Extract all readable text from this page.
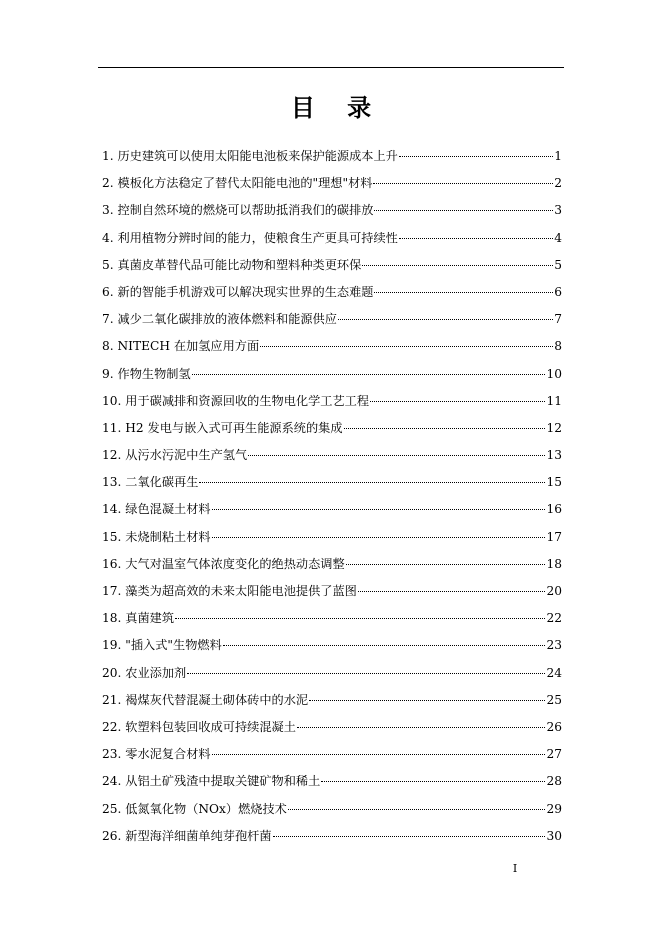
目 录
1. 历史建筑可以使用太阳能电池板来保护能源成本上升	1
2. 模板化方法稳定了替代太阳能电池的"理想"材料	2
3. 控制自然环境的燃烧可以帮助抵消我们的碳排放	3
4. 利用植物分辨时间的能力，使粮食生产更具可持续性	4
5. 真菌皮革替代品可能比动物和塑料种类更环保	5
6. 新的智能手机游戏可以解决现实世界的生态难题	6
7. 减少二氧化碳排放的液体燃料和能源供应	7
8. NITECH 在加氢应用方面	8
9. 作物生物制氢	10
10. 用于碳减排和资源回收的生物电化学工艺工程	11
11. H2 发电与嵌入式可再生能源系统的集成	12
12. 从污水污泥中生产氢气	13
13. 二氧化碳再生	15
14. 绿色混凝土材料	16
15. 未烧制粘土材料	17
16. 大气对温室气体浓度变化的绝热动态调整	18
17. 藻类为超高效的未来太阳能电池提供了蓝图	20
18. 真菌建筑	22
19. "插入式"生物燃料	23
20. 农业添加剂	24
21. 褐煤灰代替混凝土砌体砖中的水泥	25
22. 软塑料包装回收成可持续混凝土	26
23. 零水泥复合材料	27
24. 从铝土矿残渣中提取关键矿物和稀土	28
25. 低氮氧化物（NOx）燃烧技术	29
26. 新型海洋细菌单纯芽孢杆菌	30
I
